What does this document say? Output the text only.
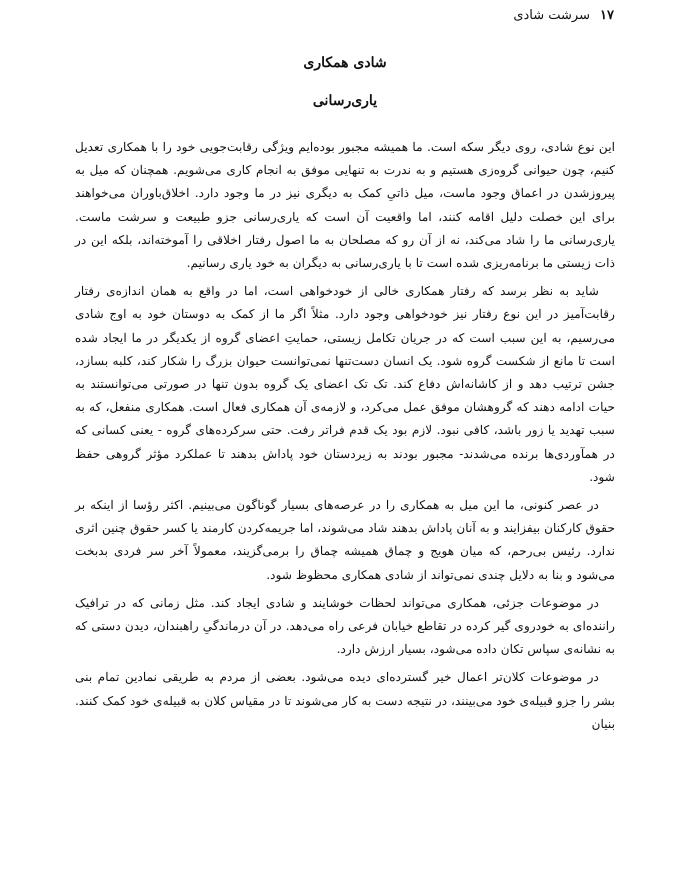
۱۷
سرشت شادی
شادی همکاری
یاری‌رسانی

این نوع شادی، روی دیگر سکه است. ما همیشه مجبور بوده‌ایم ویژگی رقابت‌جویی خود را با همکاری تعدیل کنیم، چون حیوانی گروه‌زی هستیم و به ندرت به تنهایی موفق به انجام کاری می‌شویم. همچنان که میل به پیروزشدن در اعماق وجود ماست، میل ذاتیِ کمک به دیگری نیز در ما وجود دارد. اخلاق‌باوران می‌خواهند برای این خصلت دلیل اقامه کنند، اما واقعیت آن است که یاری‌رسانی جزو طبیعت و سرشت ماست. یاری‌رسانی ما را شاد می‌کند، نه از آن رو که مصلحان به ما اصول رفتار اخلاقی را آموخته‌اند، بلکه این در ذات زیستی ما برنامه‌ریزی شده است تا با یاری‌رسانی به دیگران به خود یاری رسانیم.

شاید به نظر برسد که رفتار همکاری خالی از خودخواهی است، اما در واقع به همان اندازه‌ی رفتار رقابت‌آمیز در این نوع رفتار نیز خودخواهی وجود دارد. مثلاً اگر ما از کمک به دوستان خود به اوج شادی می‌رسیم، به این سبب است که در جریان تکامل زیستی، حمایتِ اعضای گروه از یکدیگر در ما ایجاد شده است تا مانع از شکست گروه شود. یک انسان دست‌تنها نمی‌توانست حیوان بزرگ را شکار کند، کلبه بسازد، جشن ترتیب دهد و از کاشانه‌اش دفاع کند. تک تک اعضای یک گروه بدون تنها در صورتی می‌توانستند به حیات ادامه دهند که گروهشان موفق عمل می‌کرد، و لازمه‌ی آن همکاری فعال است. همکاری منفعل، که به سبب تهدید یا زور باشد، کافی نبود. لازم بود یک قدم فراتر رفت. حتی سرکرده‌های گروه - یعنی کسانی که در همآوردی‌ها برنده می‌شدند- مجبور بودند به زیردستان خود پاداش بدهند تا عملکرد مؤثر گروهی حفظ شود.

در عصر کنونی، ما این میل به همکاری را در عرصه‌های بسیار گوناگون می‌بینیم. اکثر رؤسا از اینکه بر حقوق کارکنان بیفزایند و به آنان پاداش بدهند شاد می‌شوند، اما جریمه‌کردن کارمند یا کسر حقوق چنین اثری ندارد. رئیس بی‌رحم، که میان هویج و چماق همیشه چماق را برمی‌گزیند، معمولاً آخر سر فردی بدبخت می‌شود و بنا به دلایل چندی نمی‌تواند از شادی همکاری محظوظ شود.

در موضوعات جزئی، همکاری می‌تواند لحظات خوشایند و شادی ایجاد کند. مثل زمانی که در ترافیک راننده‌ای به خودروی گیر کرده در تقاطع خیابان فرعی راه می‌دهد. در آن درماندگیِ راهبندان، دیدن دستی که به نشانه‌ی سپاس تکان داده می‌شود، بسیار ارزش دارد.

در موضوعات کلان‌تر اعمال خیر گسترده‌ای دیده می‌شود. بعضی از مردم به طریقی نمادین تمام بنی بشر را جزو قبیله‌ی خود می‌بینند، در نتیجه دست به کار می‌شوند تا در مقیاس کلان به قبیله‌ی خود کمک کنند. بنیان
